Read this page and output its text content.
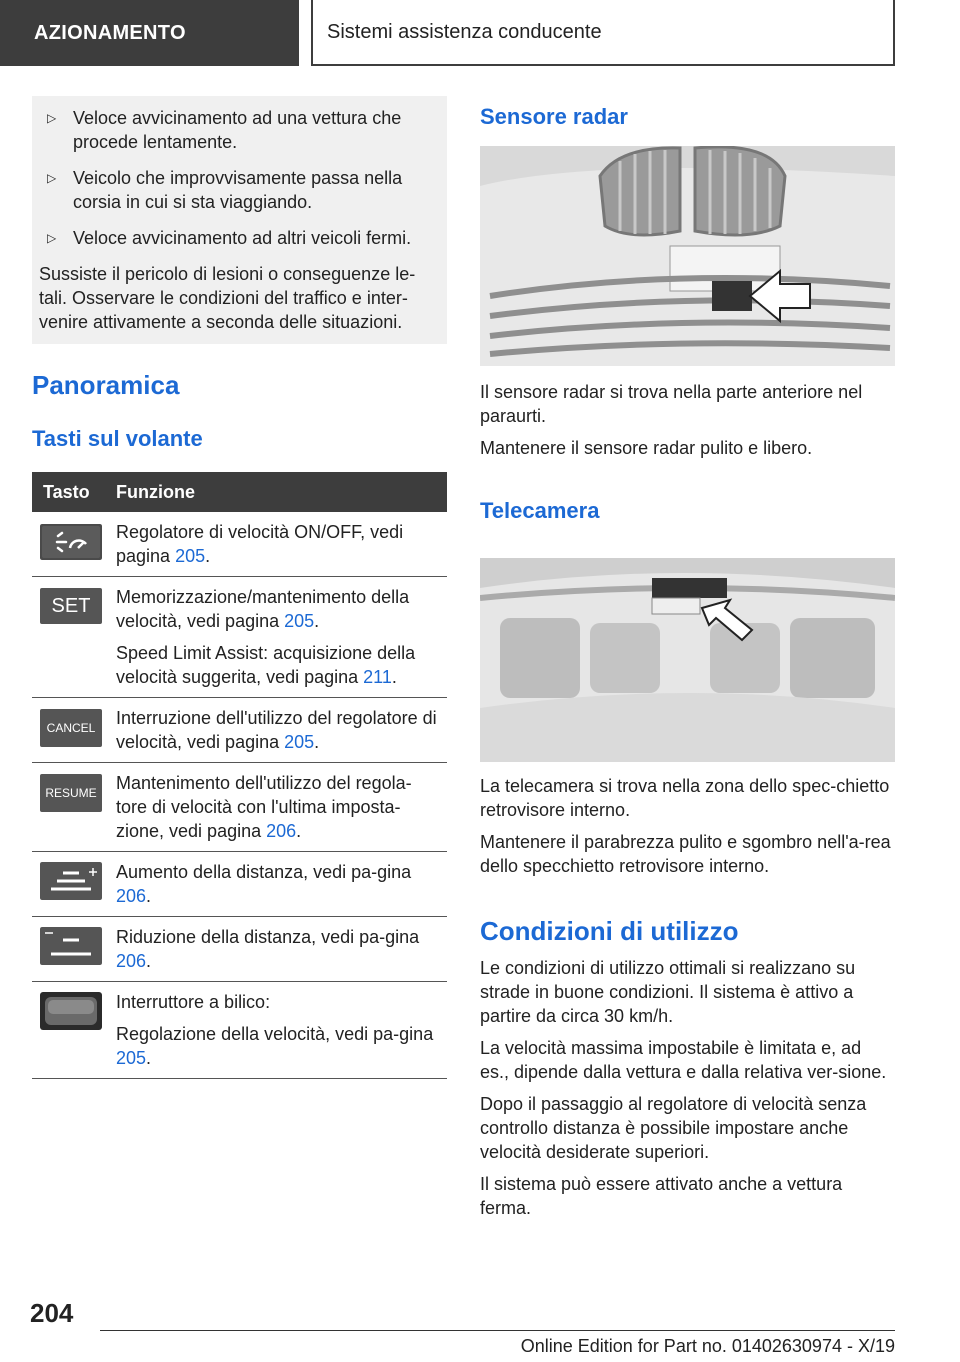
AZIONAMENTO	Sistemi assistenza conducente
▷ Veloce avvicinamento ad una vettura che procede lentamente.
▷ Veicolo che improvvisamente passa nella corsia in cui si sta viaggiando.
▷ Veloce avvicinamento ad altri veicoli fermi.

Sussiste il pericolo di lesioni o conseguenze le-tali. Osservare le condizioni del traffico e inter-venire attivamente a seconda delle situazioni.

Panoramica
Tasti sul volante
Tasto Funzione

Regolatore di velocità ON/OFF, vedi pagina 205.

SET	Memorizzazione/mantenimento della velocità, vedi pagina 205.

Speed Limit Assist: acquisizione della velocità suggerita, vedi pagina 211.

CANCEL	Interruzione dell'utilizzo del regolatore di velocità, vedi pagina 205.

RESUME Mantenimento dell'utilizzo del regola-tore di velocità con l'ultima imposta-zione, vedi pagina 206.

Aumento della distanza, vedi pa-gina 206.

Riduzione della distanza, vedi pa-gina 206.

Interruttore a bilico:

Regolazione della velocità, vedi pa-gina 205.

Sensore radar

Il sensore radar si trova nella parte anteriore nel paraurti.

Mantenere il sensore radar pulito e libero.

Telecamera

La telecamera si trova nella zona dello spec-chietto retrovisore interno.

Mantenere il parabrezza pulito e sgombro nell'a-rea dello specchietto retrovisore interno.

Condizioni di utilizzo

Le condizioni di utilizzo ottimali si realizzano su strade in buone condizioni. Il sistema è attivo a partire da circa 30 km/h.

La velocità massima impostabile è limitata e, ad es., dipende dalla vettura e dalla relativa ver-sione.

Dopo il passaggio al regolatore di velocità senza controllo distanza è possibile impostare anche velocità desiderate superiori.

Il sistema può essere attivato anche a vettura ferma.

204
Online Edition for Part no. 01402630974 - X/19
